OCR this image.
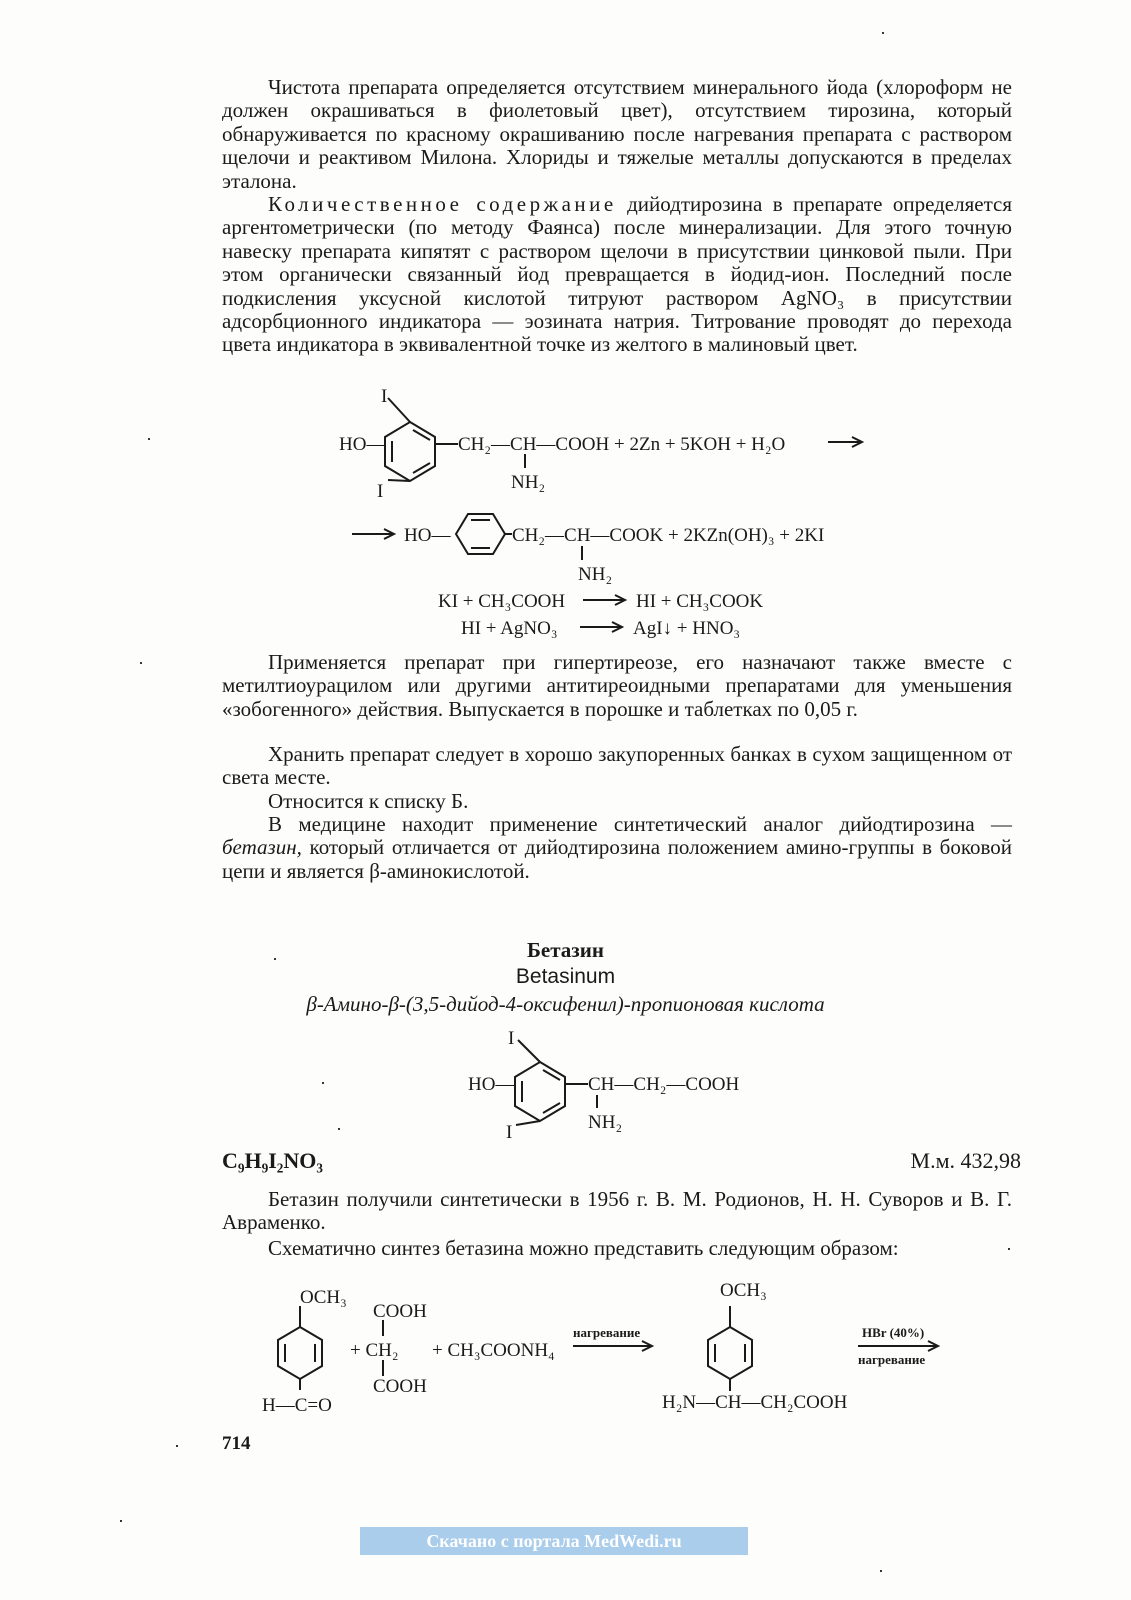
Чистота препарата определяется отсутствием минерального йода (хлороформ не должен окрашиваться в фиолетовый цвет), отсутствием тирозина, который обнаруживается по красному окрашиванию после нагревания препарата с раствором щелочи и реактивом Милона. Хлориды и тяжелые металлы допускаются в пределах эталона.

Количественное содержание дийодтирозина в препарате определяется аргентометрически (по методу Фаянса) после минерализации. Для этого точную навеску препарата кипятят с раствором щелочи в присутствии цинковой пыли. При этом органически связанный йод превращается в йодид-ион. Последний после подкисления уксусной кислотой титруют раствором AgNO₃ в присутствии адсорбционного индикатора — эозината натрия. Титрование проводят до перехода цвета индикатора в эквивалентной точке из желтого в малиновый цвет.

I
I
HO—	CH₂—CH—COOH + 2Zn + 5KOH + H₂O
NH₂
HO—	CH₂—CH—COOK + 2KZn(OH)₃ + 2KI
NH₂
KI + CH₃COOH	HI + CH₃COOK
HI + AgNO₃	AgI↓ + HNO₃
I
I
HO—	CH—CH₂—COOH
NH₂
OCH₃
H—C=O
COOH
+ CH₂
COOH
+ CH₃COONH₄
нагревание
OCH₃
H₂N—CH—CH₂COOH
HBr (40%)
нагревание

Применяется препарат при гипертиреозе, его назначают также вместе с метилтиоурацилом или другими антитиреоидными препаратами для уменьшения «зобогенного» действия. Выпускается в порошке и таблетках по 0,05 г.

Хранить препарат следует в хорошо закупоренных банках в сухом защищенном от света месте.

Относится к списку Б.

В медицине находит применение синтетический аналог дийодтирозина — бетазин, который отличается от дийодтирозина положением амино-группы в боковой цепи и является β-аминокислотой.

Бетазин

Betasinum

β-Амино-β-(3,5-дийод-4-оксифенил)-пропионовая кислота

C₉H₉I₂NO₃	М.м. 432,98

Бетазин получили синтетически в 1956 г. В. М. Родионов, Н. Н. Суворов и В. Г. Авраменко.

Схематично синтез бетазина можно представить следующим образом:

714
Скачано с портала MedWedi.ru
